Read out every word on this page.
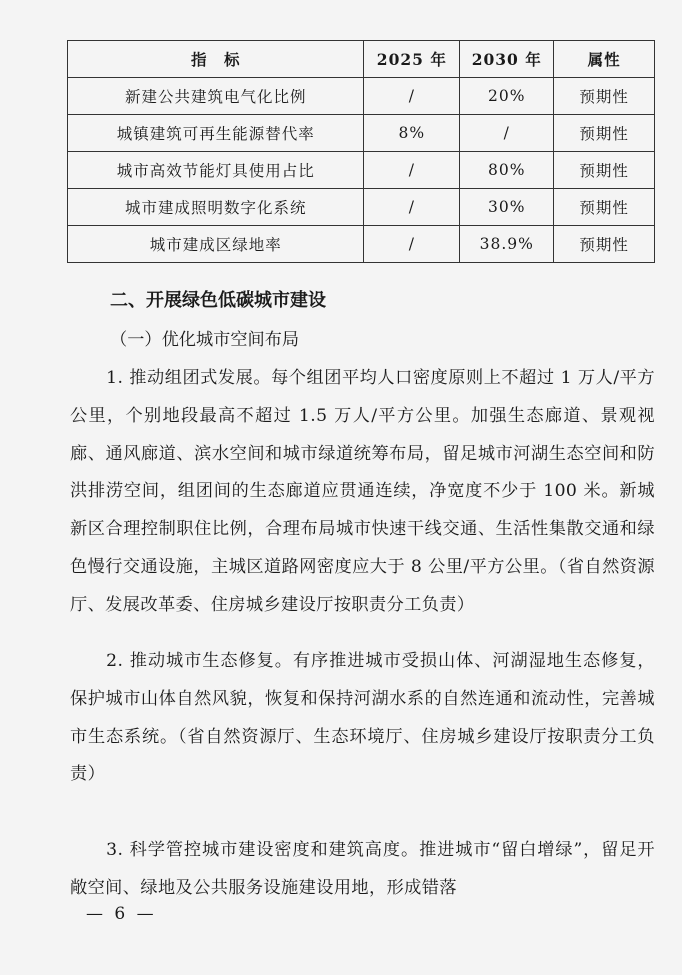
指　标	2025 年	2030 年	属性
新建公共建筑电气化比例	/	20%	预期性
城镇建筑可再生能源替代率	8%	/	预期性
城市高效节能灯具使用占比	/	80%	预期性
城市建成照明数字化系统	/	30%	预期性
城市建成区绿地率	/	38.9%	预期性
二、开展绿色低碳城市建设
（一）优化城市空间布局
1. 推动组团式发展。每个组团平均人口密度原则上不超过 1 万人/平方公里，个别地段最高不超过 1.5 万人/平方公里。加强生态廊道、景观视廊、通风廊道、滨水空间和城市绿道统筹布局，留足城市河湖生态空间和防洪排涝空间，组团间的生态廊道应贯通连续，净宽度不少于 100 米。新城新区合理控制职住比例，合理布局城市快速干线交通、生活性集散交通和绿色慢行交通设施，主城区道路网密度应大于 8 公里/平方公里。（省自然资源厅、发展改革委、住房城乡建设厅按职责分工负责）
2. 推动城市生态修复。有序推进城市受损山体、河湖湿地生态修复，保护城市山体自然风貌，恢复和保持河湖水系的自然连通和流动性，完善城市生态系统。（省自然资源厅、生态环境厅、住房城乡建设厅按职责分工负责）
3. 科学管控城市建设密度和建筑高度。推进城市“留白增绿”，留足开敞空间、绿地及公共服务设施建设用地，形成错落
— 6 —
